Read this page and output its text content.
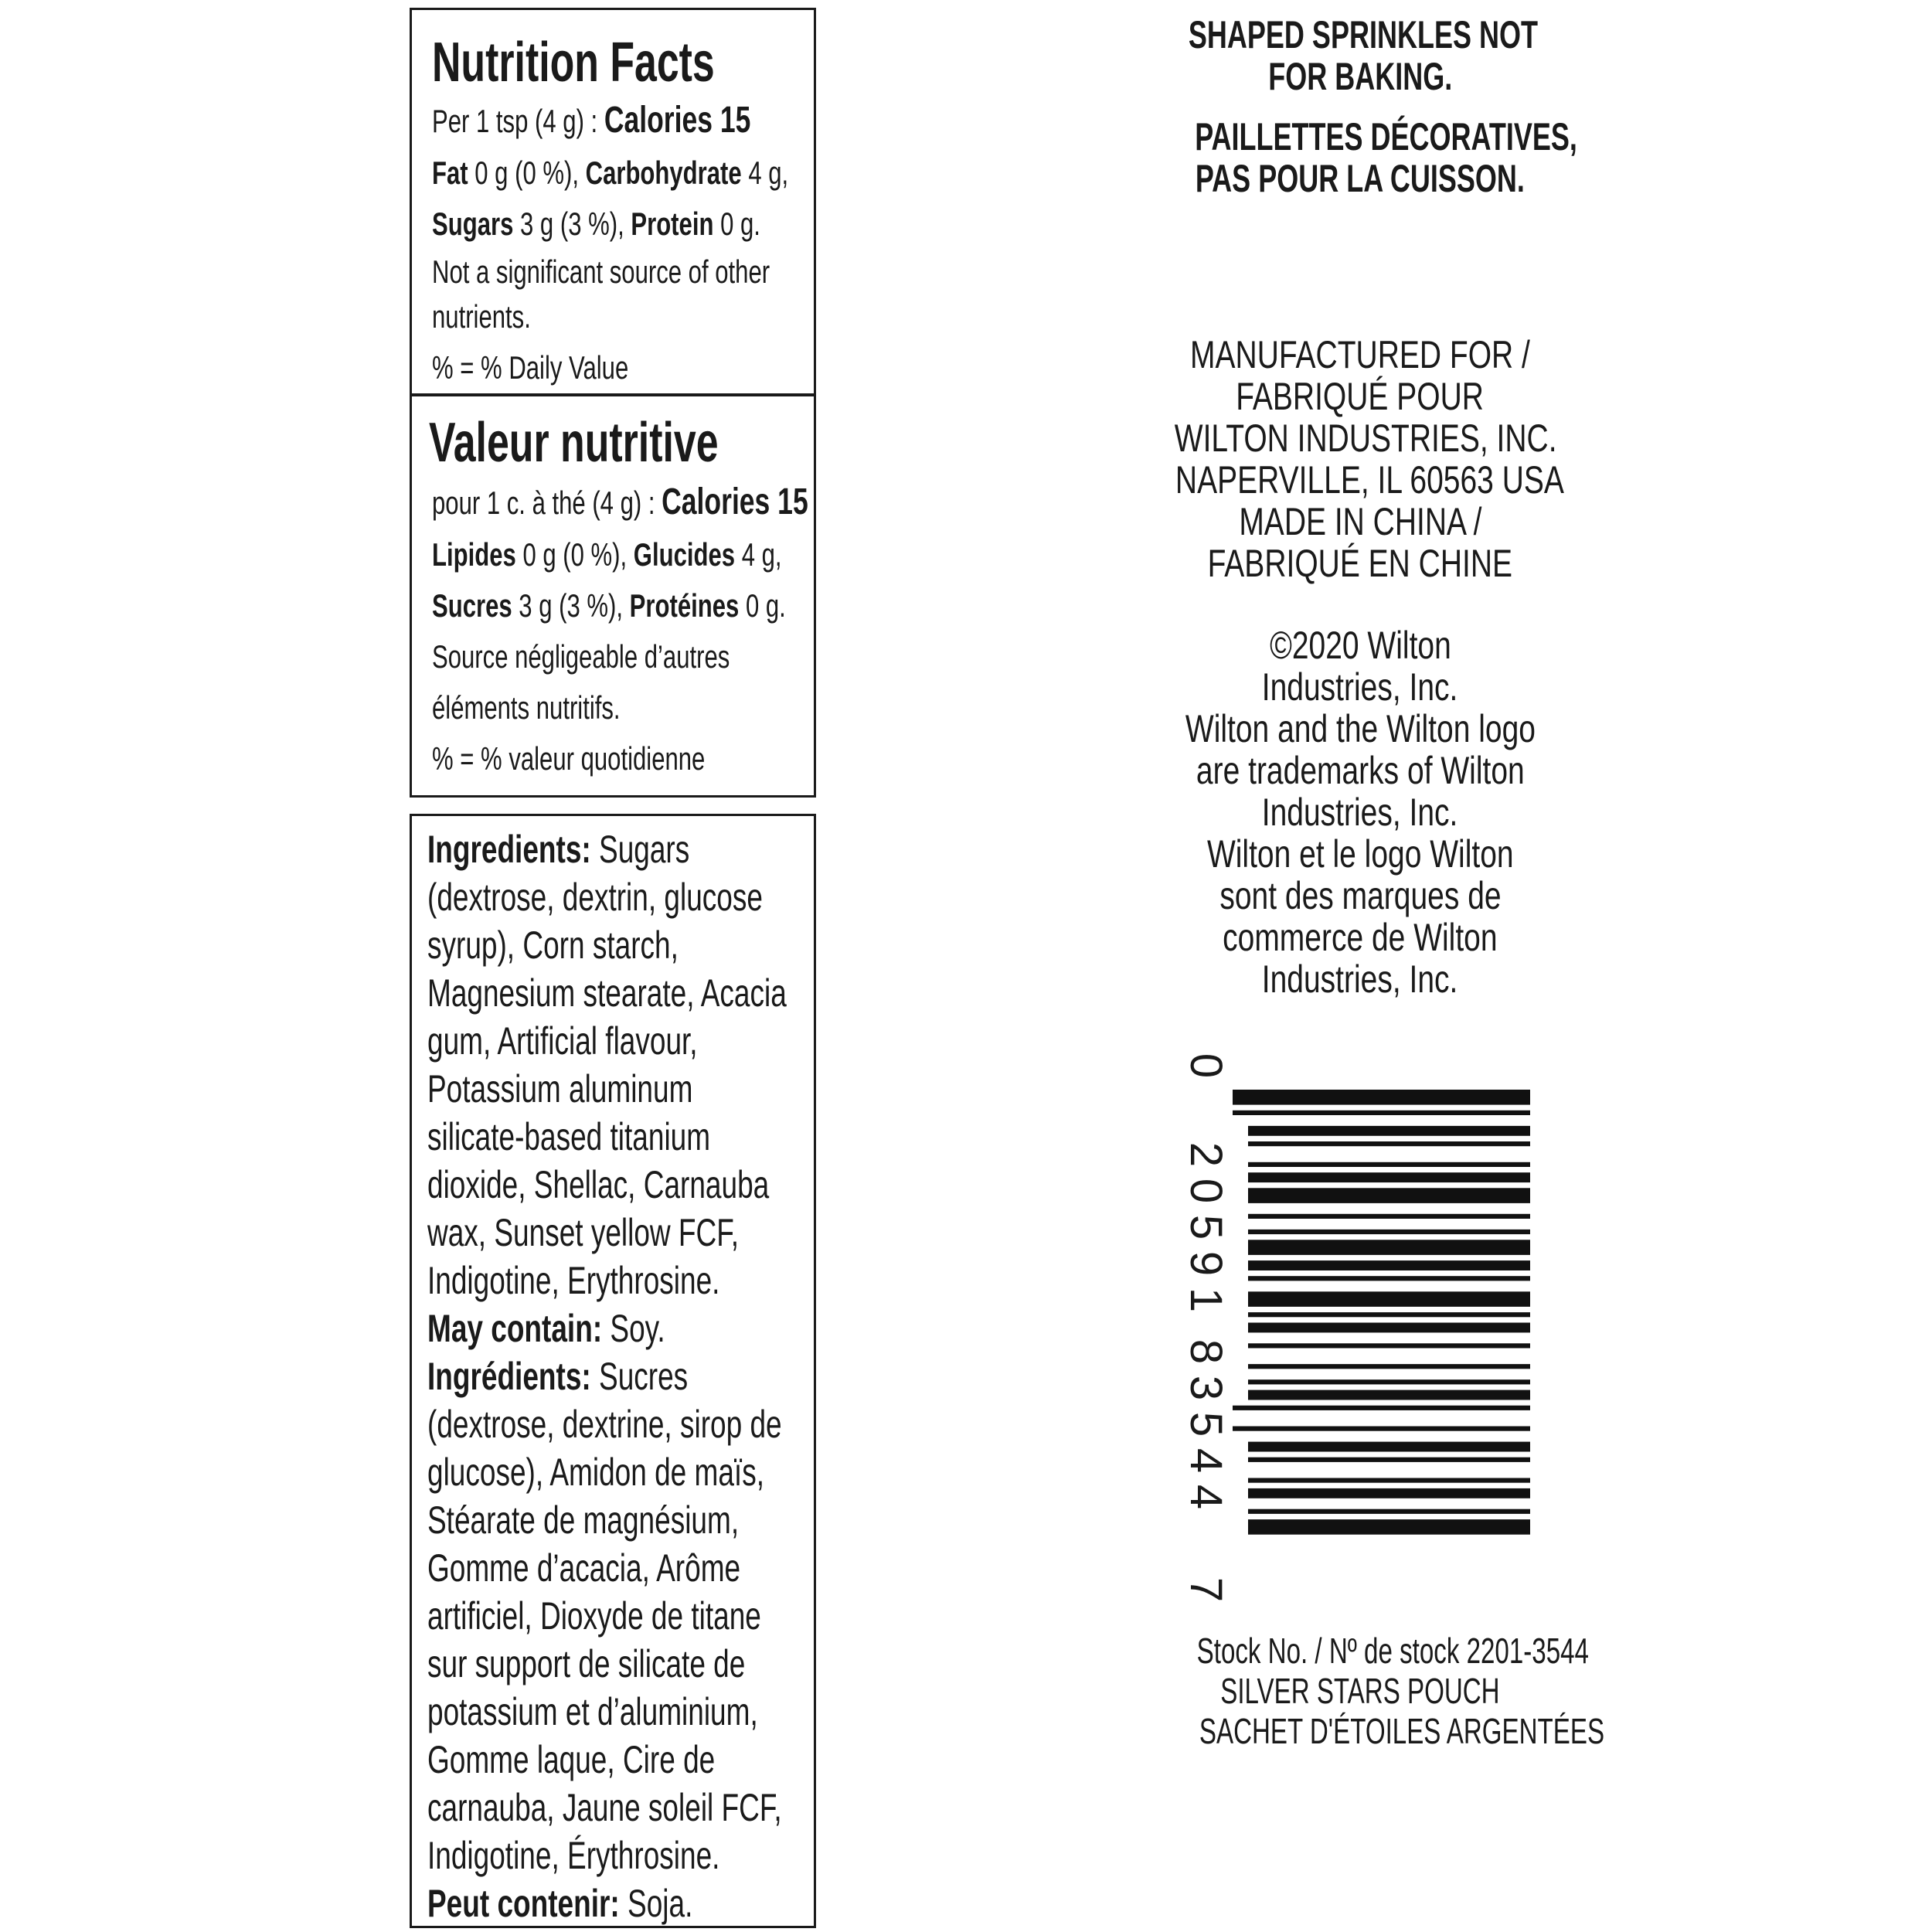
Nutrition Facts
Per 1 tsp (4 g) : Calories 15
Fat 0 g (0 %), Carbohydrate 4 g,
Sugars 3 g (3 %), Protein 0 g.
Not a significant source of other
nutrients.
% = % Daily Value
Valeur nutritive
pour 1 c. à thé (4 g) : Calories 15
Lipides 0 g (0 %), Glucides 4 g,
Sucres 3 g (3 %), Protéines 0 g.
Source négligeable d’autres
éléments nutritifs.
% = % valeur quotidienne
Ingredients: Sugars
(dextrose, dextrin, glucose
syrup), Corn starch,
Magnesium stearate, Acacia
gum, Artificial flavour,
Potassium aluminum
silicate-based titanium
dioxide, Shellac, Carnauba
wax, Sunset yellow FCF,
Indigotine, Erythrosine.
May contain: Soy.
Ingrédients: Sucres
(dextrose, dextrine, sirop de
glucose), Amidon de maïs,
Stéarate de magnésium,
Gomme d’acacia, Arôme
artificiel, Dioxyde de titane
sur support de silicate de
potassium et d’aluminium,
Gomme laque, Cire de
carnauba, Jaune soleil FCF,
Indigotine, Érythrosine.
Peut contenir: Soja.
SHAPED SPRINKLES NOT
FOR BAKING.
PAILLETTES DÉCORATIVES,
PAS POUR LA CUISSON.
MANUFACTURED FOR /
FABRIQUÉ POUR
WILTON INDUSTRIES, INC.
NAPERVILLE, IL 60563 USA
MADE IN CHINA /
FABRIQUÉ EN CHINE
©2020 Wilton
Industries, Inc.
Wilton and the Wilton logo
are trademarks of Wilton
Industries, Inc.
Wilton et le logo Wilton
sont des marques de
commerce de Wilton
Industries, Inc.
0
2
0
5
9
1
8
3
5
4
4
7
Stock No. / Nº de stock 2201-3544
SILVER STARS POUCH
SACHET D'ÉTOILES ARGENTÉES
